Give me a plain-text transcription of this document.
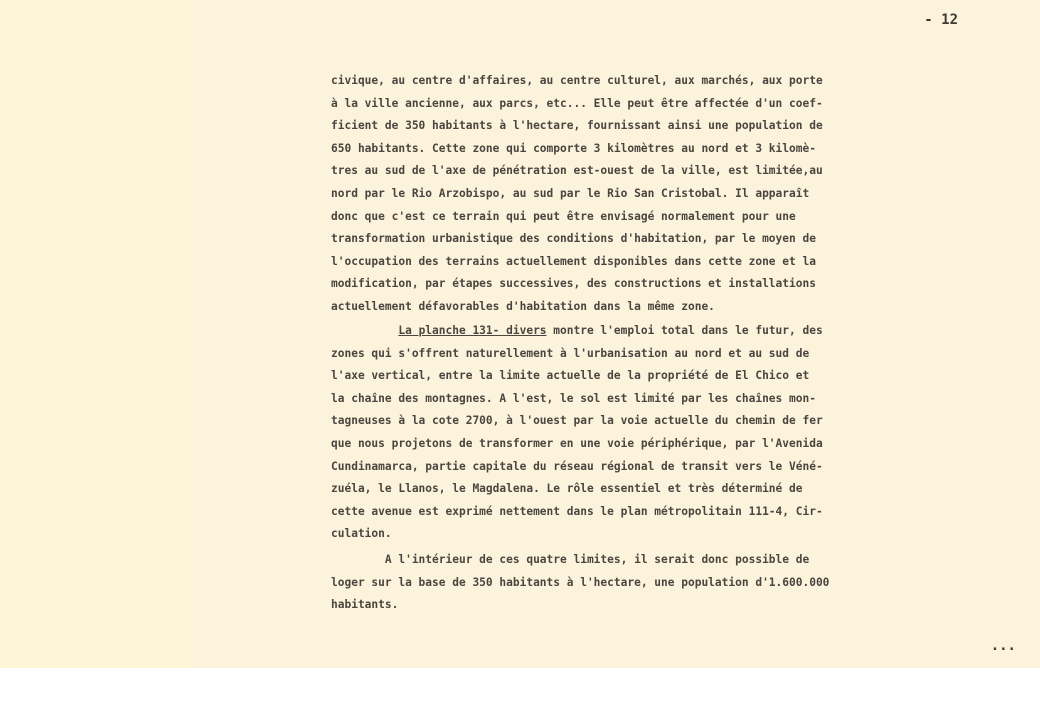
- 12
civique, au centre d'affaires, au centre culturel, aux marchés, aux porte
à la ville ancienne, aux parcs, etc... Elle peut être affectée d'un coef-
ficient de 350 habitants à l'hectare, fournissant ainsi une population de
650 habitants. Cette zone qui comporte 3 kilomètres au nord et 3 kilomè-
tres au sud de l'axe de pénétration est-ouest de la ville, est limitée,au
nord par le Rio Arzobispo, au sud par le Rio San Cristobal. Il apparaît
donc que c'est ce terrain qui peut être envisagé normalement pour une
transformation urbanistique des conditions d'habitation, par le moyen de
l'occupation des terrains actuellement disponibles dans cette zone et la
modification, par étapes successives, des constructions et installations
actuellement défavorables d'habitation dans la même zone.
La planche 131- divers montre l'emploi total dans le futur, des
zones qui s'offrent naturellement à l'urbanisation au nord et au sud de
l'axe vertical, entre la limite actuelle de la propriété de El Chico et
la chaîne des montagnes. A l'est, le sol est limité par les chaînes mon-
tagneuses à la cote 2700, à l'ouest par la voie actuelle du chemin de fer
que nous projetons de transformer en une voie périphérique, par l'Avenida
Cundinamarca, partie capitale du réseau régional de transit vers le Véné-
zuéla, le Llanos, le Magdalena. Le rôle essentiel et très déterminé de
cette avenue est exprimé nettement dans le plan métropolitain 111-4, Cir-
culation.
A l'intérieur de ces quatre limites, il serait donc possible de
loger sur la base de 350 habitants à l'hectare, une population d'1.600.000
habitants.
...
